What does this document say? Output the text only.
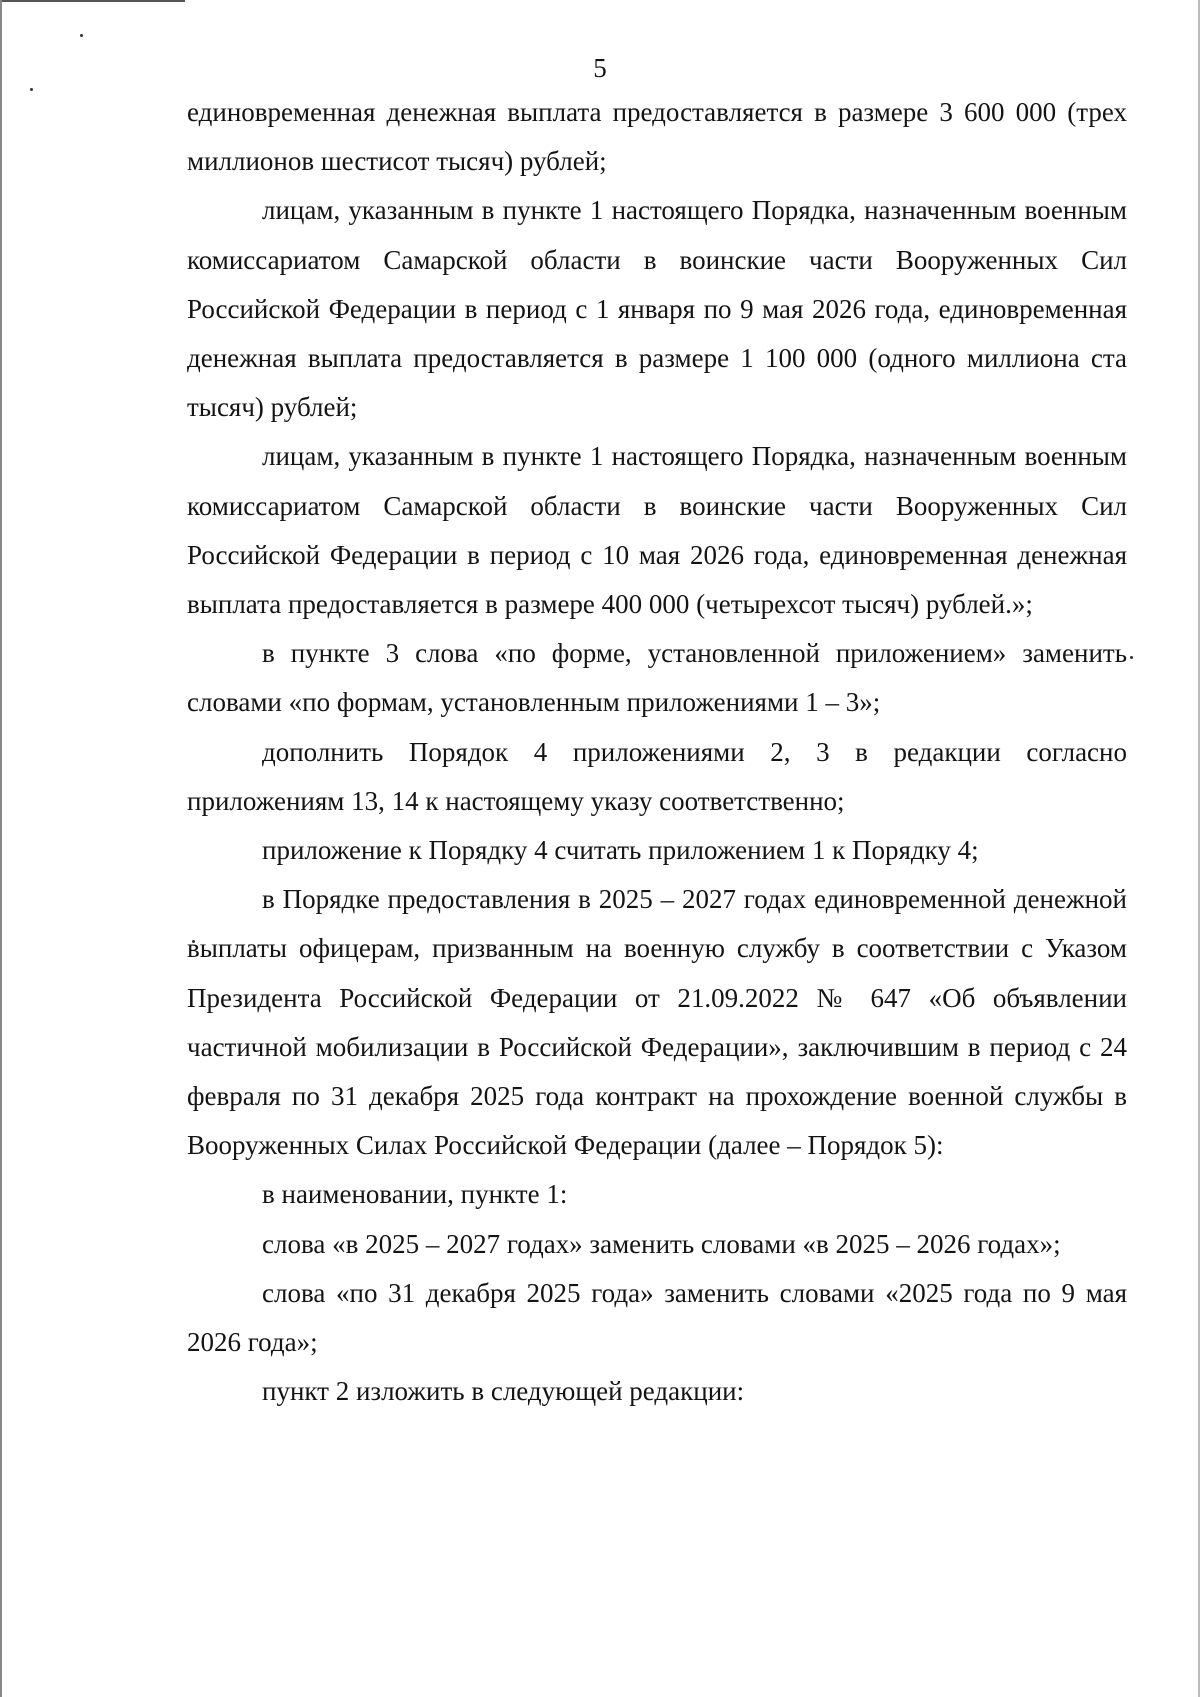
5

единовременная денежная выплата предоставляется в размере 3 600 000 (трех миллионов шестисот тысяч) рублей;

лицам, указанным в пункте 1 настоящего Порядка, назначенным военным комиссариатом Самарской области в воинские части Вооруженных Сил Российской Федерации в период с 1 января по 9 мая 2026 года, единовременная денежная выплата предоставляется в размере 1 100 000 (одного миллиона ста тысяч) рублей;

лицам, указанным в пункте 1 настоящего Порядка, назначенным военным комиссариатом Самарской области в воинские части Вооруженных Сил Российской Федерации в период с 10 мая 2026 года, единовременная денежная выплата предоставляется в размере 400 000 (четырехсот тысяч) рублей.»;

в пункте 3 слова «по форме, установленной приложением» заменить словами «по формам, установленным приложениями 1 – 3»;

дополнить Порядок 4 приложениями 2, 3 в редакции согласно приложениям 13, 14 к настоящему указу соответственно;

приложение к Порядку 4 считать приложением 1 к Порядку 4;

в Порядке предоставления в 2025 – 2027 годах единовременной денежной выплаты офицерам, призванным на военную службу в соответствии с Указом Президента Российской Федерации от 21.09.2022 № 647 «Об объявлении частичной мобилизации в Российской Федерации», заключившим в период с 24 февраля по 31 декабря 2025 года контракт на прохождение военной службы в Вооруженных Силах Российской Федерации (далее – Порядок 5):

в наименовании, пункте 1:

слова «в 2025 – 2027 годах» заменить словами «в 2025 – 2026 годах»;

слова «по 31 декабря 2025 года» заменить словами «2025 года по 9 мая 2026 года»;

пункт 2 изложить в следующей редакции:
